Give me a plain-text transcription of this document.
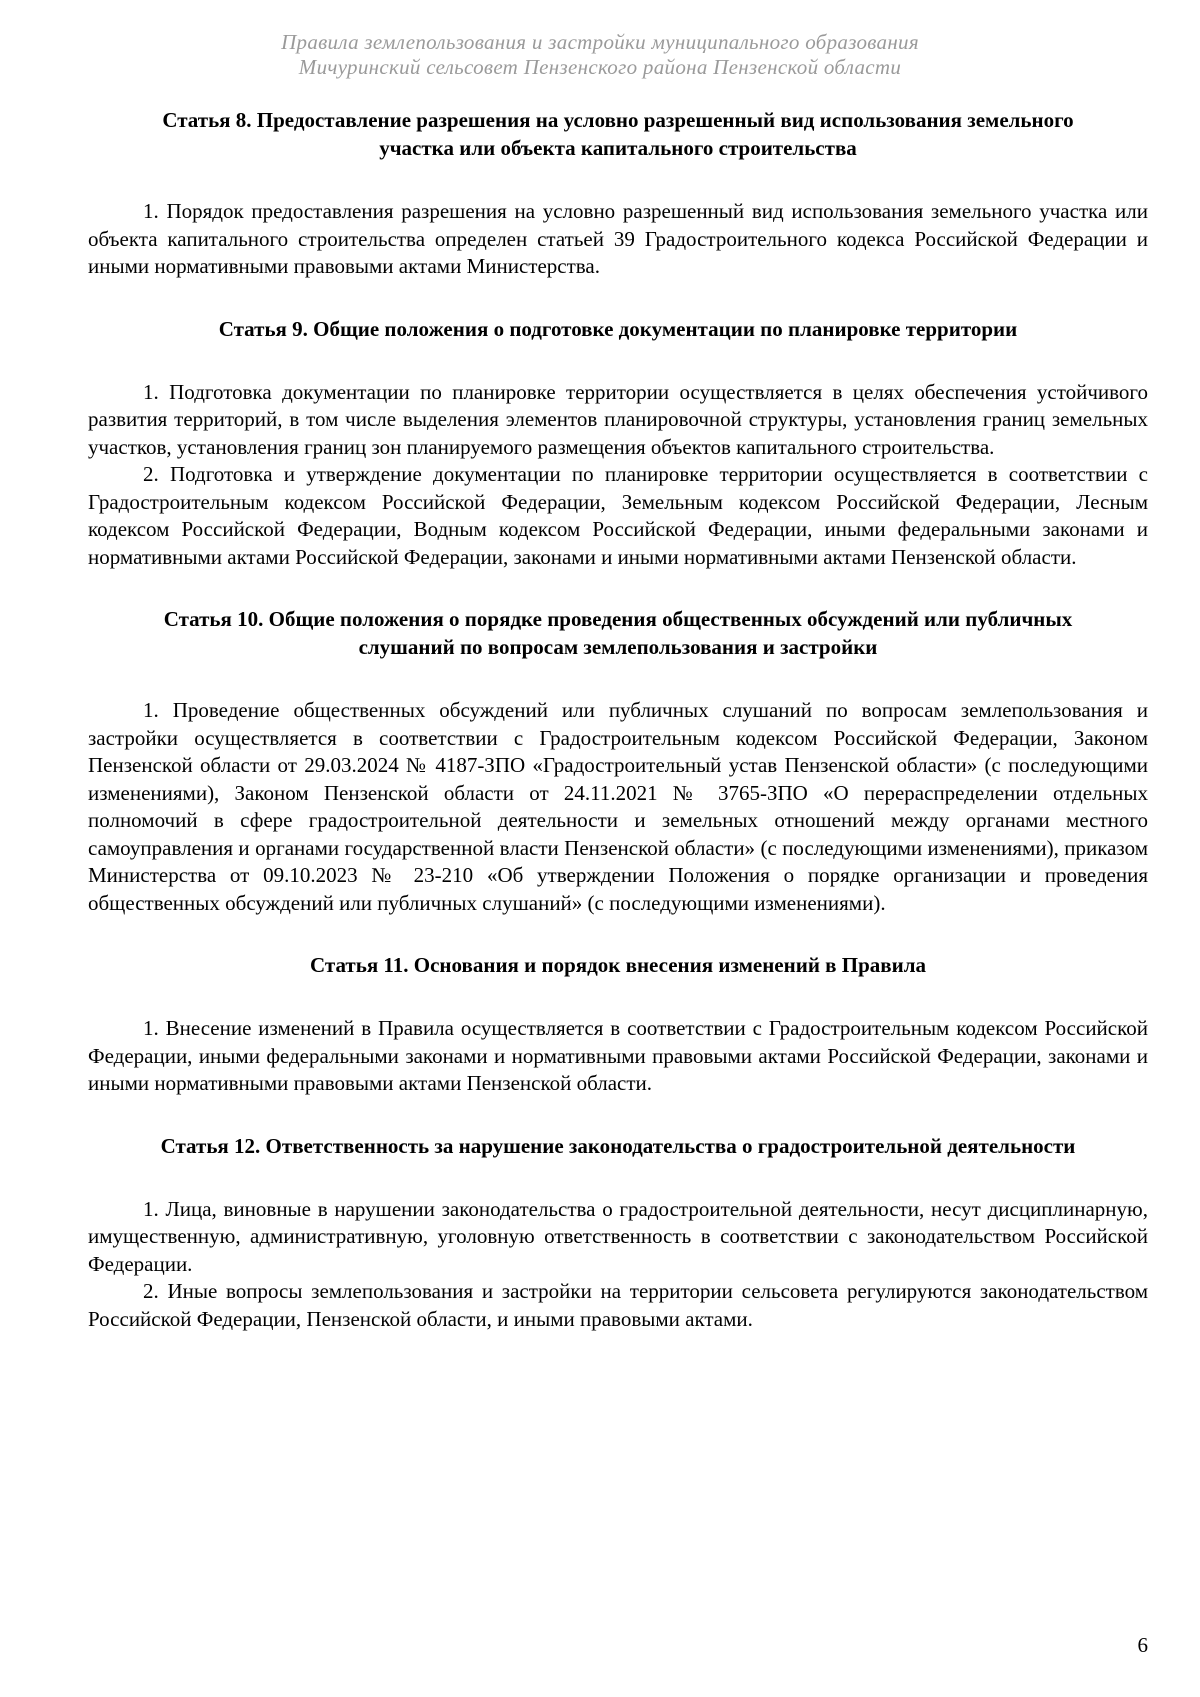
Правила землепользования и застройки муниципального образования
Мичуринский сельсовет Пензенского района Пензенской области
Статья 8. Предоставление разрешения на условно разрешенный вид использования земельного участка или объекта капитального строительства

1. Порядок предоставления разрешения на условно разрешенный вид использования земельного участка или объекта капитального строительства определен статьей 39 Градостроительного кодекса Российской Федерации и иными нормативными правовыми актами Министерства.

Статья 9. Общие положения о подготовке документации по планировке территории

1. Подготовка документации по планировке территории осуществляется в целях обеспечения устойчивого развития территорий, в том числе выделения элементов планировочной структуры, установления границ земельных участков, установления границ зон планируемого размещения объектов капитального строительства.

2. Подготовка и утверждение документации по планировке территории осуществляется в соответствии с Градостроительным кодексом Российской Федерации, Земельным кодексом Российской Федерации, Лесным кодексом Российской Федерации, Водным кодексом Российской Федерации, иными федеральными законами и нормативными актами Российской Федерации, законами и иными нормативными актами Пензенской области.

Статья 10. Общие положения о порядке проведения общественных обсуждений или публичных слушаний по вопросам землепользования и застройки

1. Проведение общественных обсуждений или публичных слушаний по вопросам землепользования и застройки осуществляется в соответствии с Градостроительным кодексом Российской Федерации, Законом Пензенской области от 29.03.2024 № 4187-ЗПО «Градостроительный устав Пензенской области» (с последующими изменениями), Законом Пензенской области от 24.11.2021 № 3765-ЗПО «О перераспределении отдельных полномочий в сфере градостроительной деятельности и земельных отношений между органами местного самоуправления и органами государственной власти Пензенской области» (с последующими изменениями), приказом Министерства от 09.10.2023 № 23-210 «Об утверждении Положения о порядке организации и проведения общественных обсуждений или публичных слушаний» (с последующими изменениями).

Статья 11. Основания и порядок внесения изменений в Правила

1. Внесение изменений в Правила осуществляется в соответствии с Градостроительным кодексом Российской Федерации, иными федеральными законами и нормативными правовыми актами Российской Федерации, законами и иными нормативными правовыми актами Пензенской области.

Статья 12. Ответственность за нарушение законодательства о градостроительной деятельности

1. Лица, виновные в нарушении законодательства о градостроительной деятельности, несут дисциплинарную, имущественную, административную, уголовную ответственность в соответствии с законодательством Российской Федерации.

2. Иные вопросы землепользования и застройки на территории сельсовета регулируются законодательством Российской Федерации, Пензенской области, и иными правовыми актами.

6
